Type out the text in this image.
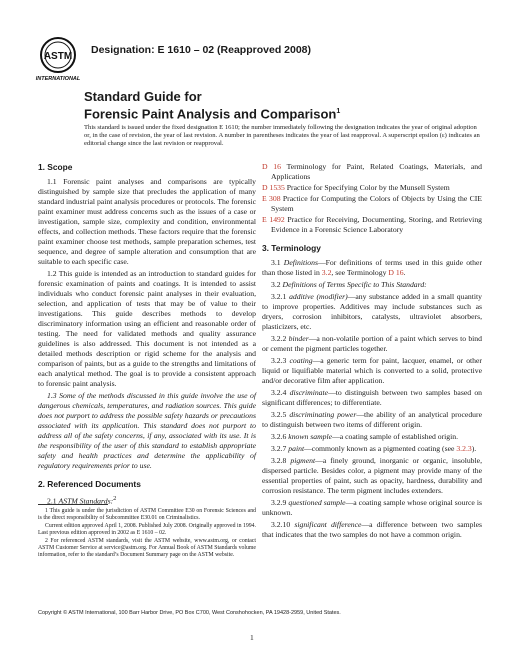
ASTM
INTERNATIONAL
Designation: E 1610 – 02 (Reapproved 2008)
Standard Guide for
Forensic Paint Analysis and Comparison$^1$
This standard is issued under the fixed designation E 1610; the number immediately following the designation indicates the year of original adoption or, in the case of revision, the year of last revision. A number in parentheses indicates the year of last reapproval. A superscript epsilon (ε) indicates an editorial change since the last revision or reapproval.
1. Scope

1.1 Forensic paint analyses and comparisons are typically distinguished by sample size that precludes the application of many standard industrial paint analysis procedures or protocols. The forensic paint examiner must address concerns such as the issues of a case or investigation, sample size, complexity and condition, environmental effects, and collection methods. These factors require that the forensic paint examiner choose test methods, sample preparation schemes, test sequence, and degree of sample alteration and consumption that are suitable to each specific case.

1.2 This guide is intended as an introduction to standard guides for forensic examination of paints and coatings. It is intended to assist individuals who conduct forensic paint analyses in their evaluation, selection, and application of tests that may be of value to their investigations. This guide describes methods to develop discriminatory information using an efficient and reasonable order of testing. The need for validated methods and quality assurance guidelines is also addressed. This document is not intended as a detailed methods description or rigid scheme for the analysis and comparison of paints, but as a guide to the strengths and limitations of each analytical method. The goal is to provide a consistent approach to forensic paint analysis.

1.3 Some of the methods discussed in this guide involve the use of dangerous chemicals, temperatures, and radiation sources. This guide does not purport to address the possible safety hazards or precautions associated with its application. This standard does not purport to address all of the safety concerns, if any, associated with its use. It is the responsibility of the user of this standard to establish appropriate safety and health practices and determine the applicability of regulatory requirements prior to use.

2. Referenced Documents

2.1 ASTM Standards:$^2$

1 This guide is under the jurisdiction of ASTM Committee E30 on Forensic Sciences and is the direct responsibility of Subcommittee E30.01 on Criminalistics.

Current edition approved April 1, 2008. Published July 2008. Originally approved in 1994. Last previous edition approved in 2002 as E 1610 – 02.

2 For referenced ASTM standards, visit the ASTM website, www.astm.org, or contact ASTM Customer Service at service@astm.org. For Annual Book of ASTM Standards volume information, refer to the standard’s Document Summary page on the ASTM website.

D 16 Terminology for Paint, Related Coatings, Materials, and Applications
D 1535 Practice for Specifying Color by the Munsell System
E 308 Practice for Computing the Colors of Objects by Using the CIE System
E 1492 Practice for Receiving, Documenting, Storing, and Retrieving Evidence in a Forensic Science Laboratory
3. Terminology

3.1 Definitions—For definitions of terms used in this guide other than those listed in 3.2, see Terminology D 16.

3.2 Definitions of Terms Specific to This Standard:

3.2.1 additive (modifier)—any substance added in a small quantity to improve properties. Additives may include substances such as dryers, corrosion inhibitors, catalysts, ultraviolet absorbers, plasticizers, etc.

3.2.2 binder—a non-volatile portion of a paint which serves to bind or cement the pigment particles together.

3.2.3 coating—a generic term for paint, lacquer, enamel, or other liquid or liquifiable material which is converted to a solid, protective and/or decorative film after application.

3.2.4 discriminate—to distinguish between two samples based on significant differences; to differentiate.

3.2.5 discriminating power—the ability of an analytical procedure to distinguish between two items of different origin.

3.2.6 known sample—a coating sample of established origin.

3.2.7 paint—commonly known as a pigmented coating (see 3.2.3).

3.2.8 pigment—a finely ground, inorganic or organic, insoluble, dispersed particle. Besides color, a pigment may provide many of the essential properties of paint, such as opacity, hardness, durability and corrosion resistance. The term pigment includes extenders.

3.2.9 questioned sample—a coating sample whose original source is unknown.

3.2.10 significant difference—a difference between two samples that indicates that the two samples do not have a common origin.

Copyright © ASTM International, 100 Barr Harbor Drive, PO Box C700, West Conshohocken, PA 19428-2959, United States.
1
